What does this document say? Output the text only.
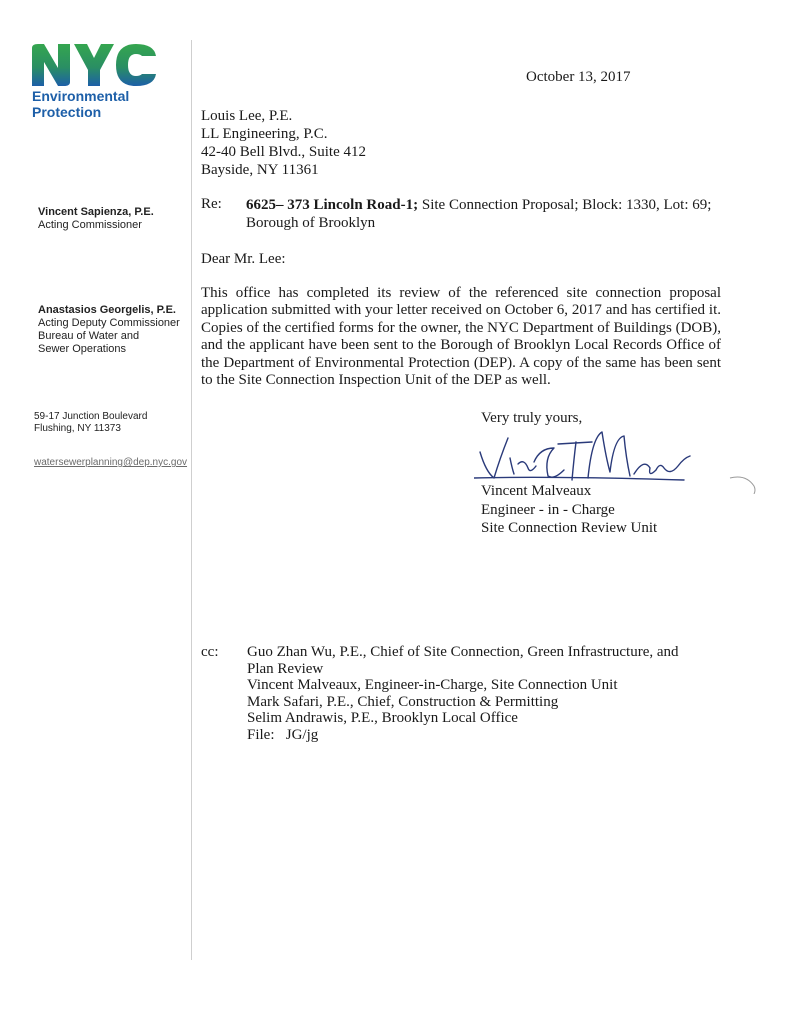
Environmental
Protection
Vincent Sapienza, P.E.
Acting Commissioner
Anastasios Georgelis, P.E.
Acting Deputy Commissioner
Bureau of Water and
Sewer Operations
59-17 Junction Boulevard
Flushing, NY 11373
watersewerplanning@dep.nyc.gov
October 13, 2017
Louis Lee, P.E.
LL Engineering, P.C.
42-40 Bell Blvd., Suite 412
Bayside, NY 11361
Re: 6625– 373 Lincoln Road-1; Site Connection Proposal; Block: 1330, Lot: 69; Borough of Brooklyn
Dear Mr. Lee:
This office has completed its review of the referenced site connection proposal application submitted with your letter received on October 6, 2017 and has certified it. Copies of the certified forms for the owner, the NYC Department of Buildings (DOB), and the applicant have been sent to the Borough of Brooklyn Local Records Office of the Department of Environmental Protection (DEP). A copy of the same has been sent to the Site Connection Inspection Unit of the DEP as well.
Very truly yours,
Vincent Malveaux
Engineer - in - Charge
Site Connection Review Unit
cc: Guo Zhan Wu, P.E., Chief of Site Connection, Green Infrastructure, and
Plan Review
Vincent Malveaux, Engineer-in-Charge, Site Connection Unit
Mark Safari, P.E., Chief, Construction & Permitting
Selim Andrawis, P.E., Brooklyn Local Office
File:   JG/jg
